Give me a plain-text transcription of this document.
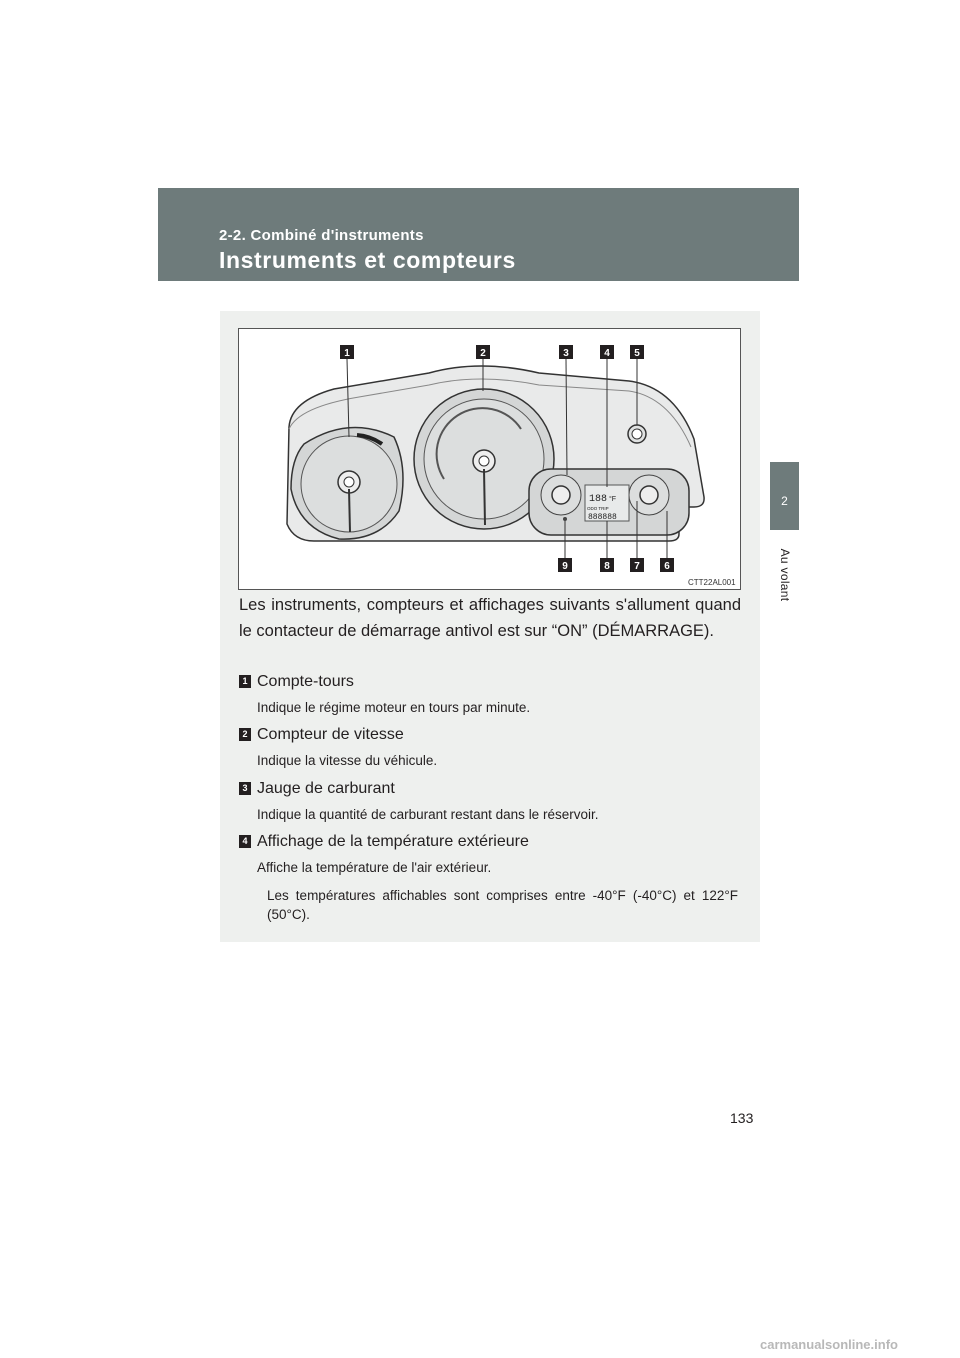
2-2. Combiné d'instruments
Instruments et compteurs
2
Au volant
188 °F
ODO TRIP
888888
1	2	3	4 5
9	8 7 6
CTT22AL001
Les instruments, compteurs et affichages suivants s'allument quand le contacteur de démarrage antivol est sur “ON” (DÉMARRAGE).
1 Compte-tours
Indique le régime moteur en tours par minute.
2 Compteur de vitesse
Indique la vitesse du véhicule.
3 Jauge de carburant
Indique la quantité de carburant restant dans le réservoir.
4 Affichage de la température extérieure
Affiche la température de l'air extérieur.
Les températures affichables sont comprises entre -40°F (-40°C) et 122°F (50°C).
133
carmanualsonline.info
